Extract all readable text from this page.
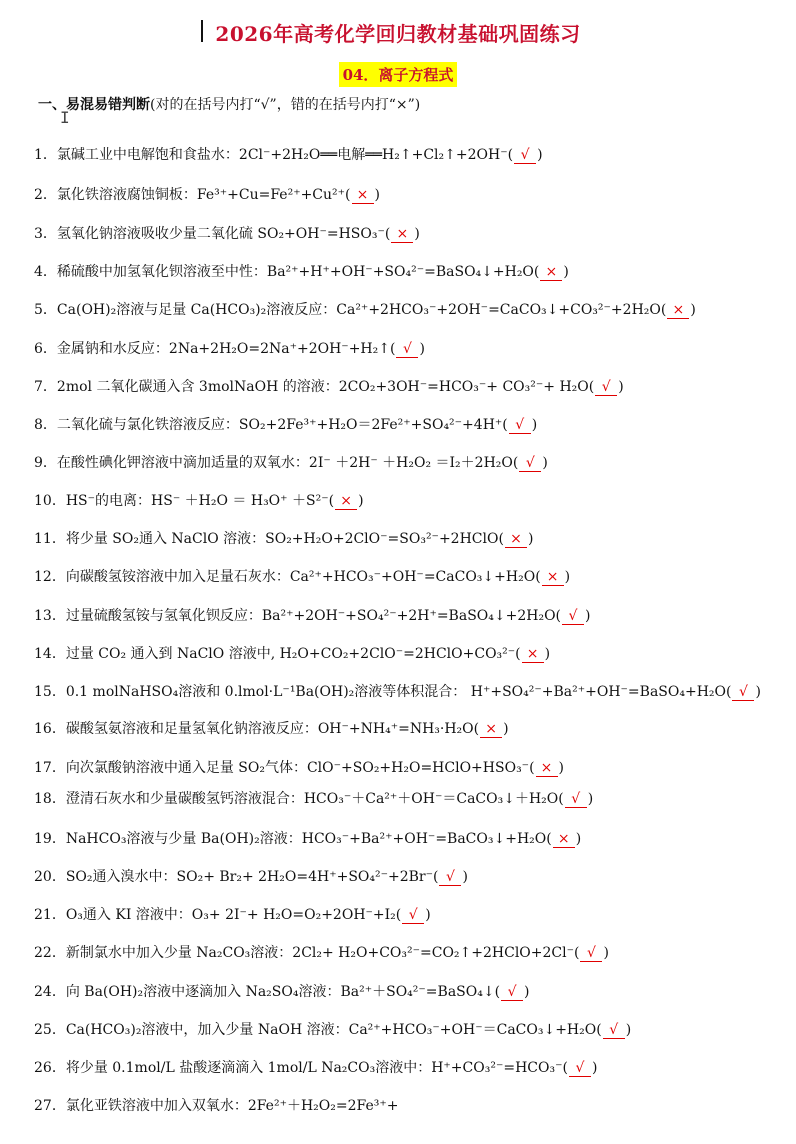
2026年高考化学回归教材基础巩固练习
04．离子方程式
一、易混易错判断(对的在括号内打“√”，错的在括号内打“×”)
I
1．氯碱工业中电解饱和食盐水：2Cl⁻+2H₂O══电解══H₂↑+Cl₂↑+2OH⁻( √ )
2．氯化铁溶液腐蚀铜板：Fe³⁺+Cu=Fe²⁺+Cu²⁺( × )
3．氢氧化钠溶液吸收少量二氧化硫 SO₂+OH⁻=HSO₃⁻( × )
4．稀硫酸中加氢氧化钡溶液至中性：Ba²⁺+H⁺+OH⁻+SO₄²⁻=BaSO₄↓+H₂O( × )
5．Ca(OH)₂溶液与足量 Ca(HCO₃)₂溶液反应：Ca²⁺+2HCO₃⁻+2OH⁻=CaCO₃↓+CO₃²⁻+2H₂O( × )
6．金属钠和水反应：2Na+2H₂O=2Na⁺+2OH⁻+H₂↑( √ )
7．2mol 二氧化碳通入含 3molNaOH 的溶液：2CO₂+3OH⁻=HCO₃⁻+ CO₃²⁻+ H₂O( √ )
8．二氧化硫与氯化铁溶液反应：SO₂+2Fe³⁺+H₂O＝2Fe²⁺+SO₄²⁻+4H⁺( √ )
9．在酸性碘化钾溶液中滴加适量的双氧水：2I⁻ ＋2H⁻ ＋H₂O₂ ＝I₂＋2H₂O( √ )
10．HS⁻的电离：HS⁻ ＋H₂O ＝ H₃O⁺ ＋S²⁻( × )
11．将少量 SO₂通入 NaClO 溶液：SO₂+H₂O+2ClO⁻=SO₃²⁻+2HClO( × )
12．向碳酸氢铵溶液中加入足量石灰水：Ca²⁺+HCO₃⁻+OH⁻=CaCO₃↓+H₂O( × )
13．过量硫酸氢铵与氢氧化钡反应：Ba²⁺+2OH⁻+SO₄²⁻+2H⁺=BaSO₄↓+2H₂O( √ )
14．过量 CO₂ 通入到 NaClO 溶液中, H₂O+CO₂+2ClO⁻=2HClO+CO₃²⁻( × )
15．0.1 molNaHSO₄溶液和 0.lmol·L⁻¹Ba(OH)₂溶液等体积混合： H⁺+SO₄²⁻+Ba²⁺+OH⁻=BaSO₄+H₂O( √ )
16．碳酸氢氨溶液和足量氢氧化钠溶液反应：OH⁻+NH₄⁺=NH₃·H₂O( × )
17．向次氯酸钠溶液中通入足量 SO₂气体：ClO⁻+SO₂+H₂O=HClO+HSO₃⁻( × )
18．澄清石灰水和少量碳酸氢钙溶液混合：HCO₃⁻＋Ca²⁺＋OH⁻＝CaCO₃↓＋H₂O( √ )
19．NaHCO₃溶液与少量 Ba(OH)₂溶液：HCO₃⁻+Ba²⁺+OH⁻=BaCO₃↓+H₂O( × )
20．SO₂通入溴水中：SO₂+ Br₂+ 2H₂O=4H⁺+SO₄²⁻+2Br⁻( √ )
21．O₃通入 KI 溶液中：O₃+ 2I⁻+ H₂O=O₂+2OH⁻+I₂( √ )
22．新制氯水中加入少量 Na₂CO₃溶液：2Cl₂+ H₂O+CO₃²⁻=CO₂↑+2HClO+2Cl⁻( √ )
24．向 Ba(OH)₂溶液中逐滴加入 Na₂SO₄溶液：Ba²⁺＋SO₄²⁻=BaSO₄↓( √ )
25．Ca(HCO₃)₂溶液中，加入少量 NaOH 溶液：Ca²⁺+HCO₃⁻+OH⁻＝CaCO₃↓+H₂O( √ )
26．将少量 0.1mol/L 盐酸逐滴滴入 1mol/L Na₂CO₃溶液中：H⁺+CO₃²⁻=HCO₃⁻( √ )
27．氯化亚铁溶液中加入双氧水：2Fe²⁺＋H₂O₂=2Fe³⁺+
